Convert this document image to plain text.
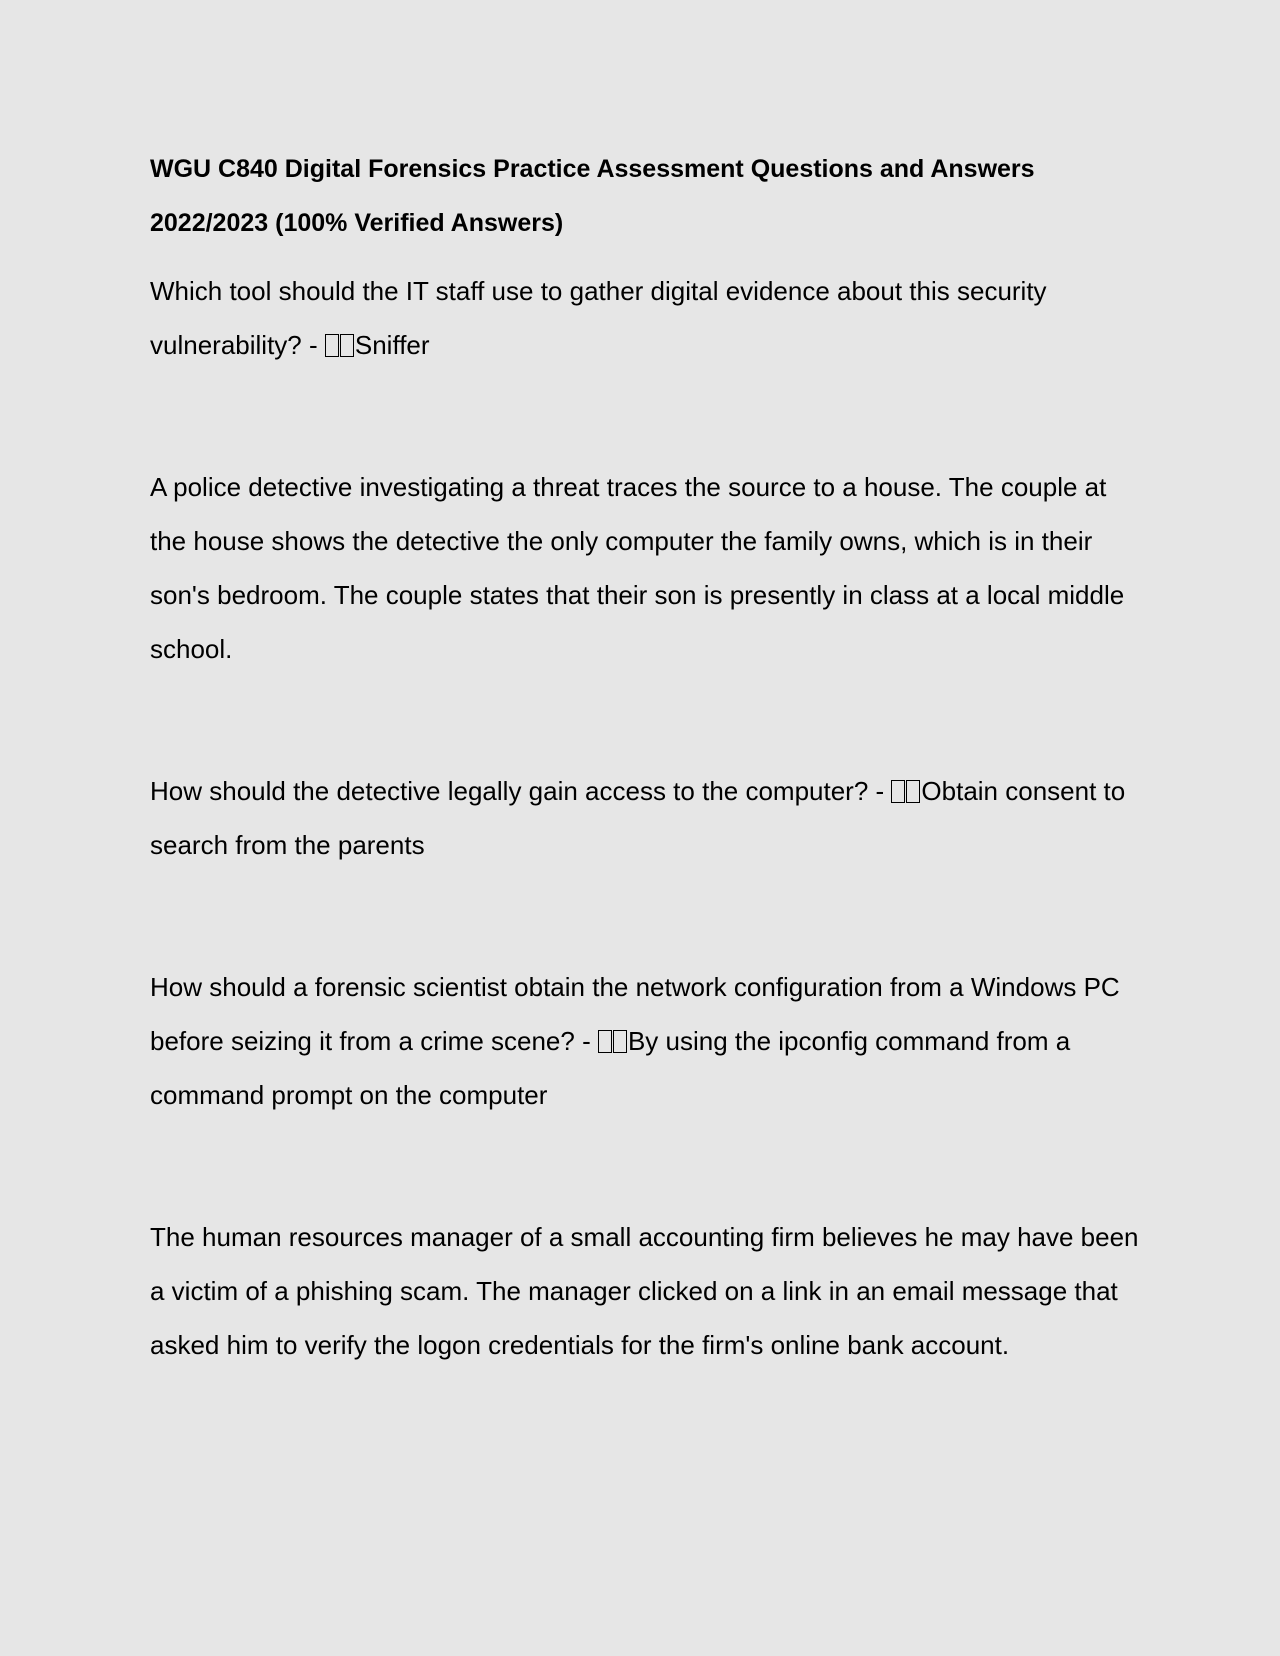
WGU C840 Digital Forensics Practice Assessment Questions and Answers
2022/2023 (100% Verified Answers)

Which tool should the IT staff use to gather digital evidence about this security vulnerability? - Sniffer

A police detective investigating a threat traces the source to a house. The couple at the house shows the detective the only computer the family owns, which is in their son's bedroom. The couple states that their son is presently in class at a local middle school.

How should the detective legally gain access to the computer? - Obtain consent to search from the parents

How should a forensic scientist obtain the network configuration from a Windows PC before seizing it from a crime scene? - By using the ipconfig command from a command prompt on the computer

The human resources manager of a small accounting firm believes he may have been a victim of a phishing scam. The manager clicked on a link in an email message that asked him to verify the logon credentials for the firm's online bank account.
